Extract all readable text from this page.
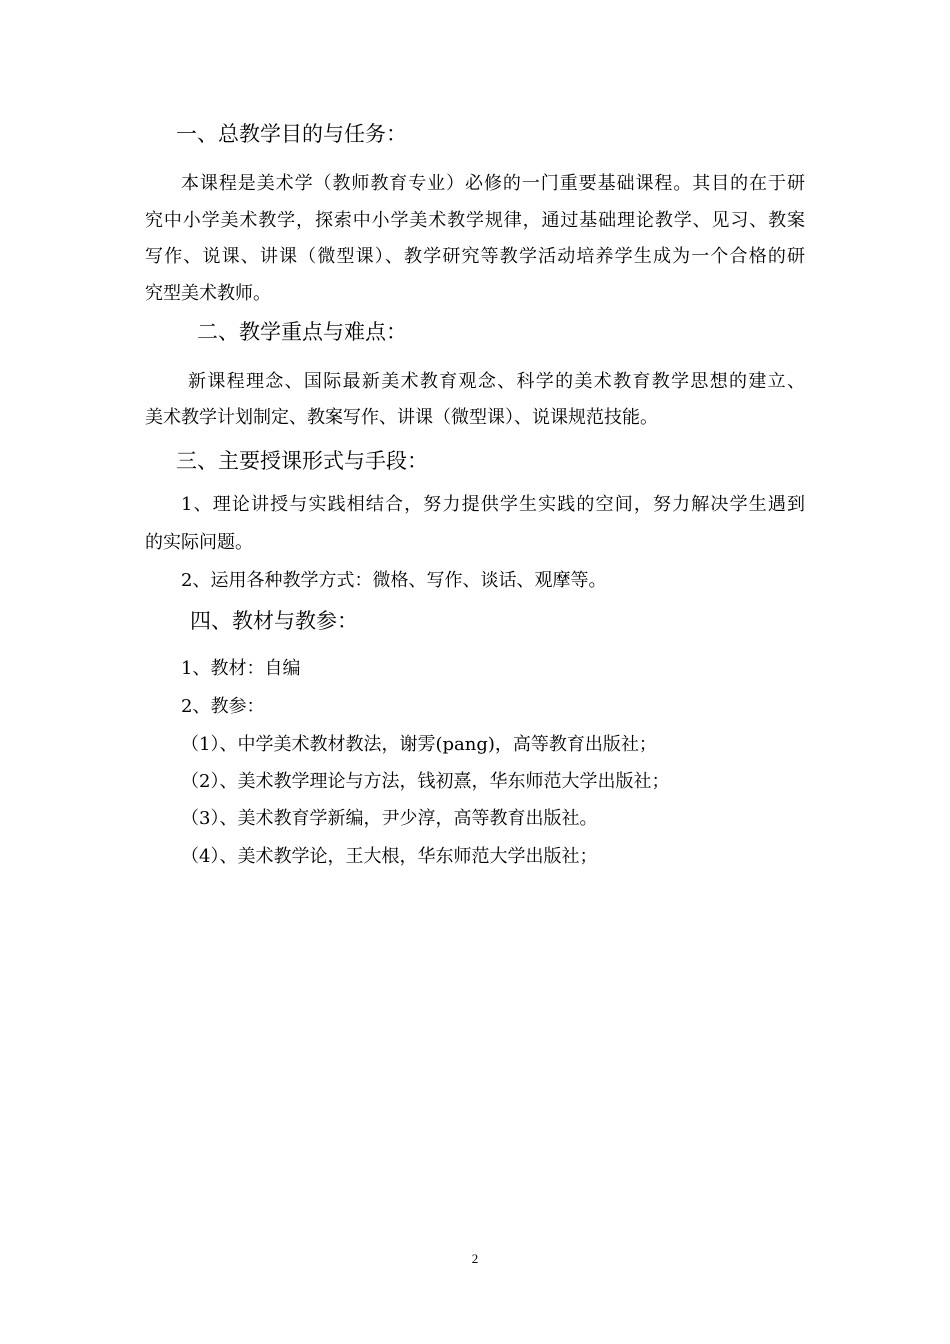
一、总教学目的与任务：
本课程是美术学（教师教育专业）必修的一门重要基础课程。其目的在于研
究中小学美术教学，探索中小学美术教学规律，通过基础理论教学、见习、教案
写作、说课、讲课（微型课）、教学研究等教学活动培养学生成为一个合格的研
究型美术教师。
二、教学重点与难点：
新课程理念、国际最新美术教育观念、科学的美术教育教学思想的建立、
美术教学计划制定、教案写作、讲课（微型课）、说课规范技能。
三、主要授课形式与手段：
1、理论讲授与实践相结合，努力提供学生实践的空间，努力解决学生遇到
的实际问题。
2、运用各种教学方式：微格、写作、谈话、观摩等。
四、教材与教参：
1、教材：自编
2、教参：
（1）、中学美术教材教法，谢雱(pang)，高等教育出版社；
（2）、美术教学理论与方法，钱初熹，华东师范大学出版社；
（3）、美术教育学新编，尹少淳，高等教育出版社。
（4）、美术教学论，王大根，华东师范大学出版社；
2
